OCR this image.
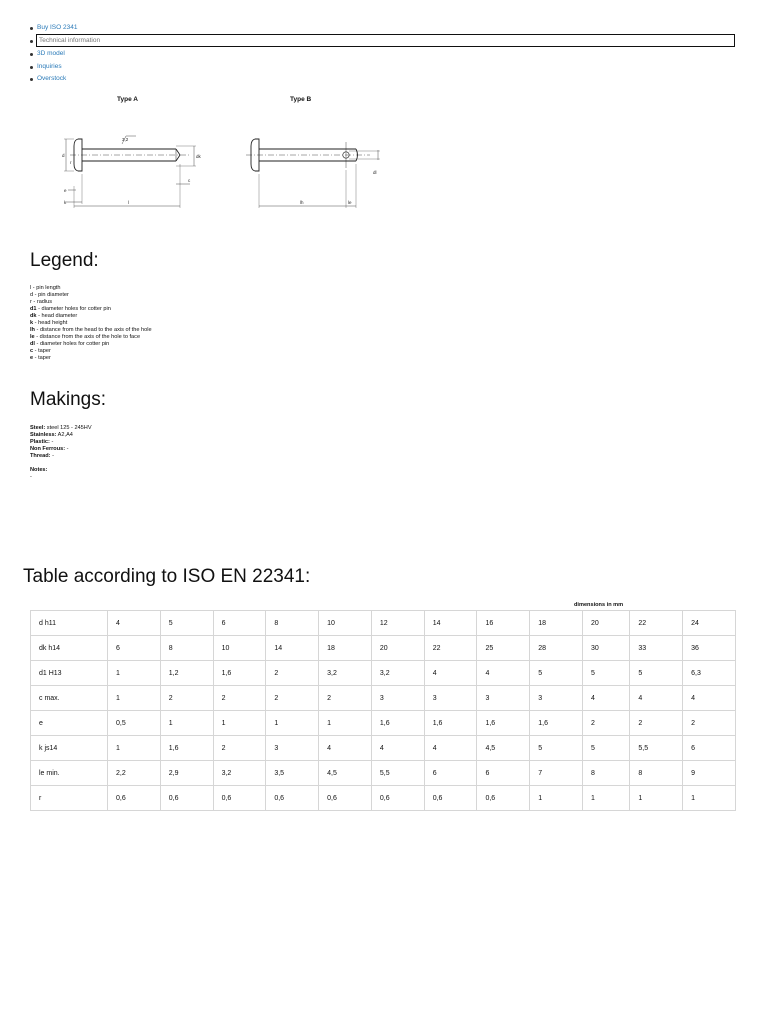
Buy ISO 2341
Technical information
3D model
Inquiries
Overstock
Type A	Type B
3,2
d
r
e
k	l
c
dk
lh	le
dl
Legend:
l - pin length
d - pin diameter
r - radius
d1 - diameter holes for cotter pin
dk - head diameter
k - head height
lh - distance from the head to the axis of the hole
le - distance from the axis of the hole to face
dl - diameter holes for cotter pin
c - taper
e - taper
Makings:
Steel: steel 125 - 245HV
Stainless: A2,A4
Plastic: -
Non Ferrous: -
Thread: -
Notes:
-
Table according to ISO EN 22341:
dimensions in mm
d h11	4	5	6	8	10	12	14	16	18	20	22	24
dk h14	6	8	10	14	18	20	22	25	28	30	33	36
d1 H13	1	1,2	1,6	2	3,2	3,2	4	4	5	5	5	6,3
c max.	1	2	2	2	2	3	3	3	3	4	4	4
e	0,5	1	1	1	1	1,6	1,6	1,6	1,6	2	2	2
k js14	1	1,6	2	3	4	4	4	4,5	5	5	5,5	6
le min.	2,2	2,9	3,2	3,5	4,5	5,5	6	6	7	8	8	9
r	0,6	0,6	0,6	0,6	0,6	0,6	0,6	0,6	1	1	1	1
